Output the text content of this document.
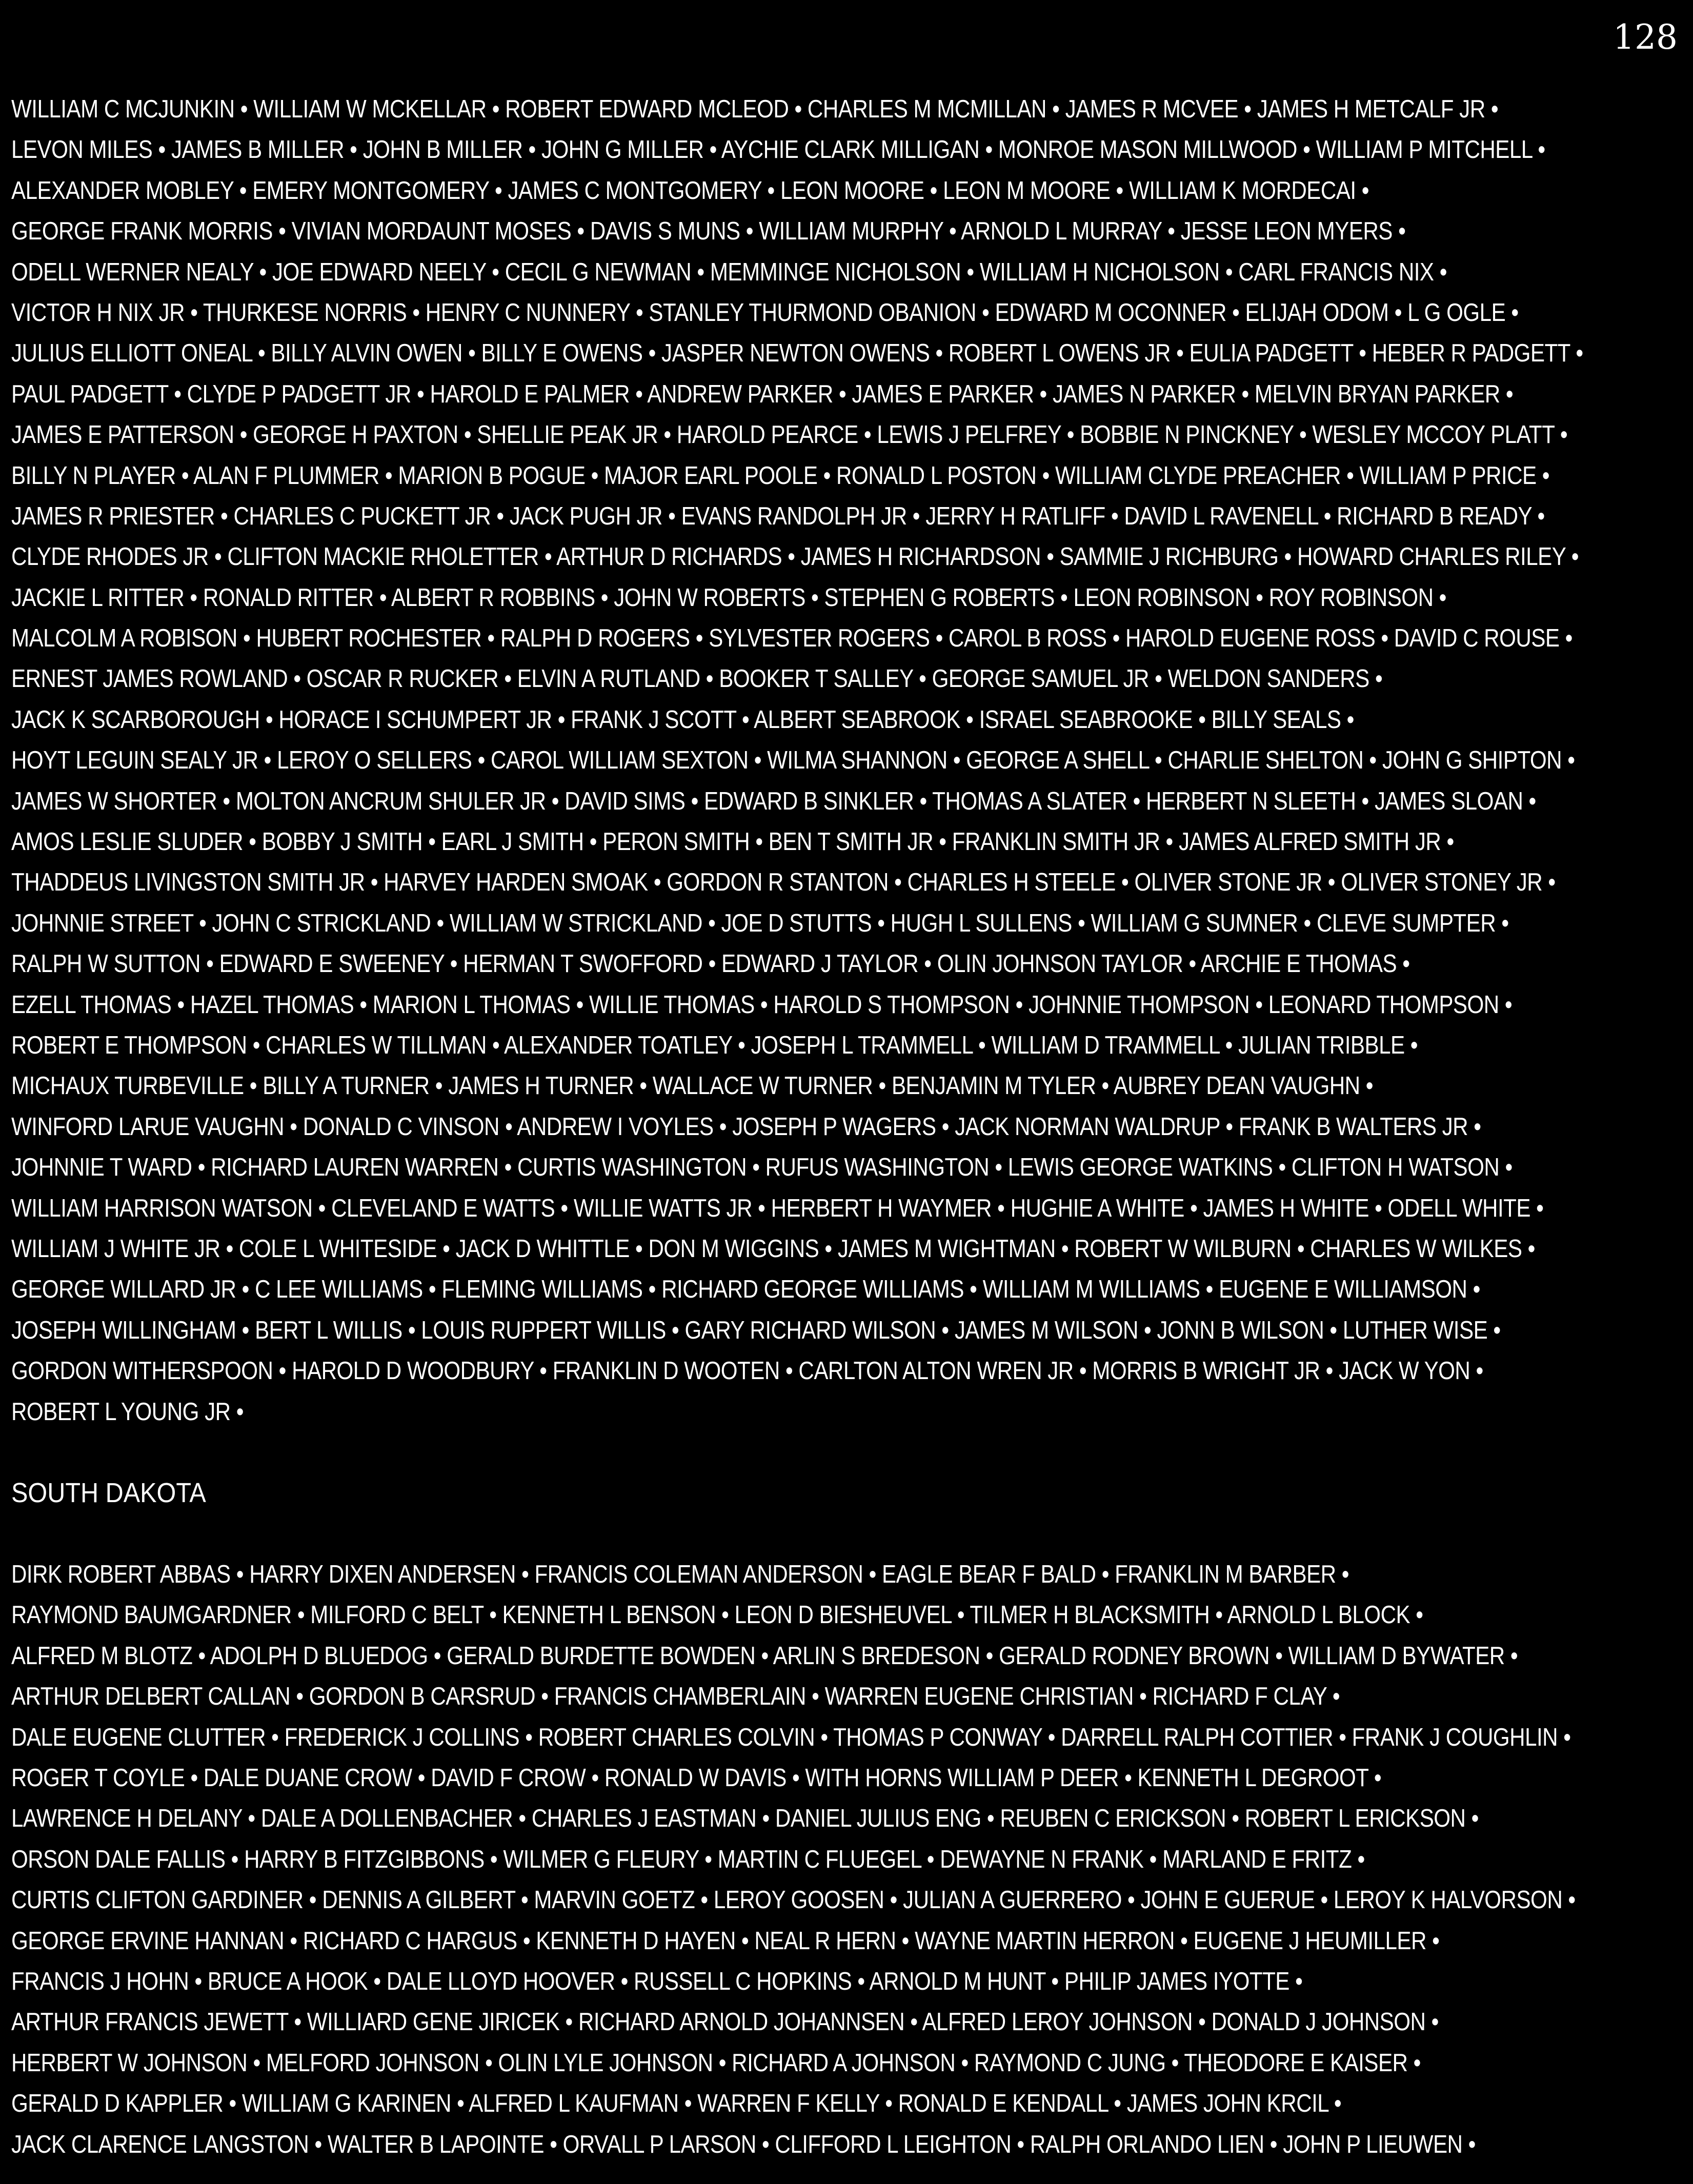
128
WILLIAM C MCJUNKIN • WILLIAM W MCKELLAR • ROBERT EDWARD MCLEOD • CHARLES M MCMILLAN • JAMES R MCVEE • JAMES H METCALF JR •
LEVON MILES • JAMES B MILLER • JOHN B MILLER • JOHN G MILLER • AYCHIE CLARK MILLIGAN • MONROE MASON MILLWOOD • WILLIAM P MITCHELL •
ALEXANDER MOBLEY • EMERY MONTGOMERY • JAMES C MONTGOMERY • LEON MOORE • LEON M MOORE • WILLIAM K MORDECAI •
GEORGE FRANK MORRIS • VIVIAN MORDAUNT MOSES • DAVIS S MUNS • WILLIAM MURPHY • ARNOLD L MURRAY • JESSE LEON MYERS •
ODELL WERNER NEALY • JOE EDWARD NEELY • CECIL G NEWMAN • MEMMINGE NICHOLSON • WILLIAM H NICHOLSON • CARL FRANCIS NIX •
VICTOR H NIX JR • THURKESE NORRIS • HENRY C NUNNERY • STANLEY THURMOND OBANION • EDWARD M OCONNER • ELIJAH ODOM • L G OGLE •
JULIUS ELLIOTT ONEAL • BILLY ALVIN OWEN • BILLY E OWENS • JASPER NEWTON OWENS • ROBERT L OWENS JR • EULIA PADGETT • HEBER R PADGETT •
PAUL PADGETT • CLYDE P PADGETT JR • HAROLD E PALMER • ANDREW PARKER • JAMES E PARKER • JAMES N PARKER • MELVIN BRYAN PARKER •
JAMES E PATTERSON • GEORGE H PAXTON • SHELLIE PEAK JR • HAROLD PEARCE • LEWIS J PELFREY • BOBBIE N PINCKNEY • WESLEY MCCOY PLATT •
BILLY N PLAYER • ALAN F PLUMMER • MARION B POGUE • MAJOR EARL POOLE • RONALD L POSTON • WILLIAM CLYDE PREACHER • WILLIAM P PRICE •
JAMES R PRIESTER • CHARLES C PUCKETT JR • JACK PUGH JR • EVANS RANDOLPH JR • JERRY H RATLIFF • DAVID L RAVENELL • RICHARD B READY •
CLYDE RHODES JR • CLIFTON MACKIE RHOLETTER • ARTHUR D RICHARDS • JAMES H RICHARDSON • SAMMIE J RICHBURG • HOWARD CHARLES RILEY •
JACKIE L RITTER • RONALD RITTER • ALBERT R ROBBINS • JOHN W ROBERTS • STEPHEN G ROBERTS • LEON ROBINSON • ROY ROBINSON •
MALCOLM A ROBISON • HUBERT ROCHESTER • RALPH D ROGERS • SYLVESTER ROGERS • CAROL B ROSS • HAROLD EUGENE ROSS • DAVID C ROUSE •
ERNEST JAMES ROWLAND • OSCAR R RUCKER • ELVIN A RUTLAND • BOOKER T SALLEY • GEORGE SAMUEL JR • WELDON SANDERS •
JACK K SCARBOROUGH • HORACE I SCHUMPERT JR • FRANK J SCOTT • ALBERT SEABROOK • ISRAEL SEABROOKE • BILLY SEALS •
HOYT LEGUIN SEALY JR • LEROY O SELLERS • CAROL WILLIAM SEXTON • WILMA SHANNON • GEORGE A SHELL • CHARLIE SHELTON • JOHN G SHIPTON •
JAMES W SHORTER • MOLTON ANCRUM SHULER JR • DAVID SIMS • EDWARD B SINKLER • THOMAS A SLATER • HERBERT N SLEETH • JAMES SLOAN •
AMOS LESLIE SLUDER • BOBBY J SMITH • EARL J SMITH • PERON SMITH • BEN T SMITH JR • FRANKLIN SMITH JR • JAMES ALFRED SMITH JR •
THADDEUS LIVINGSTON SMITH JR • HARVEY HARDEN SMOAK • GORDON R STANTON • CHARLES H STEELE • OLIVER STONE JR • OLIVER STONEY JR •
JOHNNIE STREET • JOHN C STRICKLAND • WILLIAM W STRICKLAND • JOE D STUTTS • HUGH L SULLENS • WILLIAM G SUMNER • CLEVE SUMPTER •
RALPH W SUTTON • EDWARD E SWEENEY • HERMAN T SWOFFORD • EDWARD J TAYLOR • OLIN JOHNSON TAYLOR • ARCHIE E THOMAS •
EZELL THOMAS • HAZEL THOMAS • MARION L THOMAS • WILLIE THOMAS • HAROLD S THOMPSON • JOHNNIE THOMPSON • LEONARD THOMPSON •
ROBERT E THOMPSON • CHARLES W TILLMAN • ALEXANDER TOATLEY • JOSEPH L TRAMMELL • WILLIAM D TRAMMELL • JULIAN TRIBBLE •
MICHAUX TURBEVILLE • BILLY A TURNER • JAMES H TURNER • WALLACE W TURNER • BENJAMIN M TYLER • AUBREY DEAN VAUGHN •
WINFORD LARUE VAUGHN • DONALD C VINSON • ANDREW I VOYLES • JOSEPH P WAGERS • JACK NORMAN WALDRUP • FRANK B WALTERS JR •
JOHNNIE T WARD • RICHARD LAUREN WARREN • CURTIS WASHINGTON • RUFUS WASHINGTON • LEWIS GEORGE WATKINS • CLIFTON H WATSON •
WILLIAM HARRISON WATSON • CLEVELAND E WATTS • WILLIE WATTS JR • HERBERT H WAYMER • HUGHIE A WHITE • JAMES H WHITE • ODELL WHITE •
WILLIAM J WHITE JR • COLE L WHITESIDE • JACK D WHITTLE • DON M WIGGINS • JAMES M WIGHTMAN • ROBERT W WILBURN • CHARLES W WILKES •
GEORGE WILLARD JR • C LEE WILLIAMS • FLEMING WILLIAMS • RICHARD GEORGE WILLIAMS • WILLIAM M WILLIAMS • EUGENE E WILLIAMSON •
JOSEPH WILLINGHAM • BERT L WILLIS • LOUIS RUPPERT WILLIS • GARY RICHARD WILSON • JAMES M WILSON • JONN B WILSON • LUTHER WISE •
GORDON WITHERSPOON • HAROLD D WOODBURY • FRANKLIN D WOOTEN • CARLTON ALTON WREN JR • MORRIS B WRIGHT JR • JACK W YON •
ROBERT L YOUNG JR •
SOUTH DAKOTA
DIRK ROBERT ABBAS • HARRY DIXEN ANDERSEN • FRANCIS COLEMAN ANDERSON • EAGLE BEAR F BALD • FRANKLIN M BARBER •
RAYMOND BAUMGARDNER • MILFORD C BELT • KENNETH L BENSON • LEON D BIESHEUVEL • TILMER H BLACKSMITH • ARNOLD L BLOCK •
ALFRED M BLOTZ • ADOLPH D BLUEDOG • GERALD BURDETTE BOWDEN • ARLIN S BREDESON • GERALD RODNEY BROWN • WILLIAM D BYWATER •
ARTHUR DELBERT CALLAN • GORDON B CARSRUD • FRANCIS CHAMBERLAIN • WARREN EUGENE CHRISTIAN • RICHARD F CLAY •
DALE EUGENE CLUTTER • FREDERICK J COLLINS • ROBERT CHARLES COLVIN • THOMAS P CONWAY • DARRELL RALPH COTTIER • FRANK J COUGHLIN •
ROGER T COYLE • DALE DUANE CROW • DAVID F CROW • RONALD W DAVIS • WITH HORNS WILLIAM P DEER • KENNETH L DEGROOT •
LAWRENCE H DELANY • DALE A DOLLENBACHER • CHARLES J EASTMAN • DANIEL JULIUS ENG • REUBEN C ERICKSON • ROBERT L ERICKSON •
ORSON DALE FALLIS • HARRY B FITZGIBBONS • WILMER G FLEURY • MARTIN C FLUEGEL • DEWAYNE N FRANK • MARLAND E FRITZ •
CURTIS CLIFTON GARDINER • DENNIS A GILBERT • MARVIN GOETZ • LEROY GOOSEN • JULIAN A GUERRERO • JOHN E GUERUE • LEROY K HALVORSON •
GEORGE ERVINE HANNAN • RICHARD C HARGUS • KENNETH D HAYEN • NEAL R HERN • WAYNE MARTIN HERRON • EUGENE J HEUMILLER •
FRANCIS J HOHN • BRUCE A HOOK • DALE LLOYD HOOVER • RUSSELL C HOPKINS • ARNOLD M HUNT • PHILIP JAMES IYOTTE •
ARTHUR FRANCIS JEWETT • WILLIARD GENE JIRICEK • RICHARD ARNOLD JOHANNSEN • ALFRED LEROY JOHNSON • DONALD J JOHNSON •
HERBERT W JOHNSON • MELFORD JOHNSON • OLIN LYLE JOHNSON • RICHARD A JOHNSON • RAYMOND C JUNG • THEODORE E KAISER •
GERALD D KAPPLER • WILLIAM G KARINEN • ALFRED L KAUFMAN • WARREN F KELLY • RONALD E KENDALL • JAMES JOHN KRCIL •
JACK CLARENCE LANGSTON • WALTER B LAPOINTE • ORVALL P LARSON • CLIFFORD L LEIGHTON • RALPH ORLANDO LIEN • JOHN P LIEUWEN •
